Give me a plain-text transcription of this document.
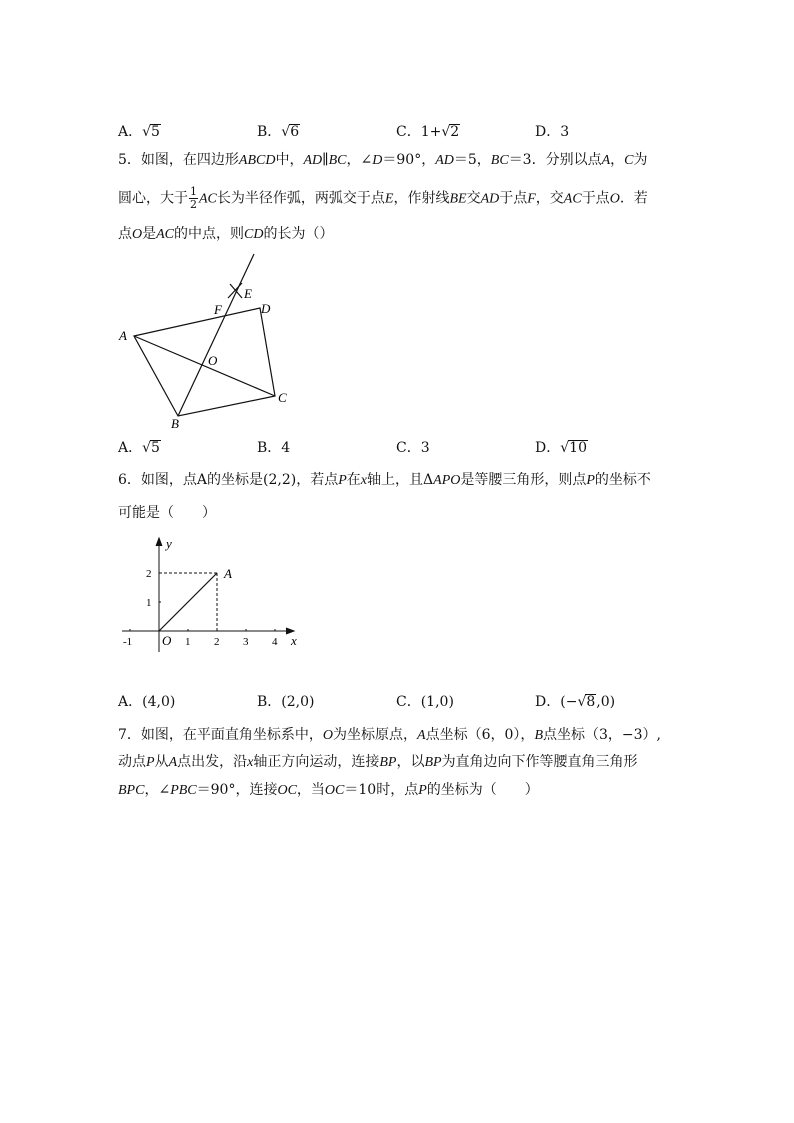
A．√5	B．√6	C．1+√2	D．3
5．如图，在四边形ABCD中，AD∥BC，∠D＝90°，AD＝5，BC＝3．分别以点A，C为
圆心，大于 $\frac{1}{2}$ AC长为半径作弧，两弧交于点E，作射线BE交AD于点F，交AC于点O．若
点O是AC的中点，则CD的长为（）
A
B
C
D
E
F
O
A．√5	B．4	C．3	D．√10
6．如图，点A的坐标是(2,2)，若点P在x轴上，且ΔAPO是等腰三角形，则点P的坐标不
可能是（　　）
y
x
O
A
-1	1 2 3 4
1
2
A．(4,0)	B．(2,0)	C．(1,0)	D．(−√8,0)
7．如图，在平面直角坐标系中，O为坐标原点，A点坐标（6，0），B点坐标（3，−3）,
动点P从A点出发，沿x轴正方向运动，连接BP，以BP为直角边向下作等腰直角三角形
BPC，∠PBC＝90°，连接OC，当OC＝10时，点P的坐标为（　　）
